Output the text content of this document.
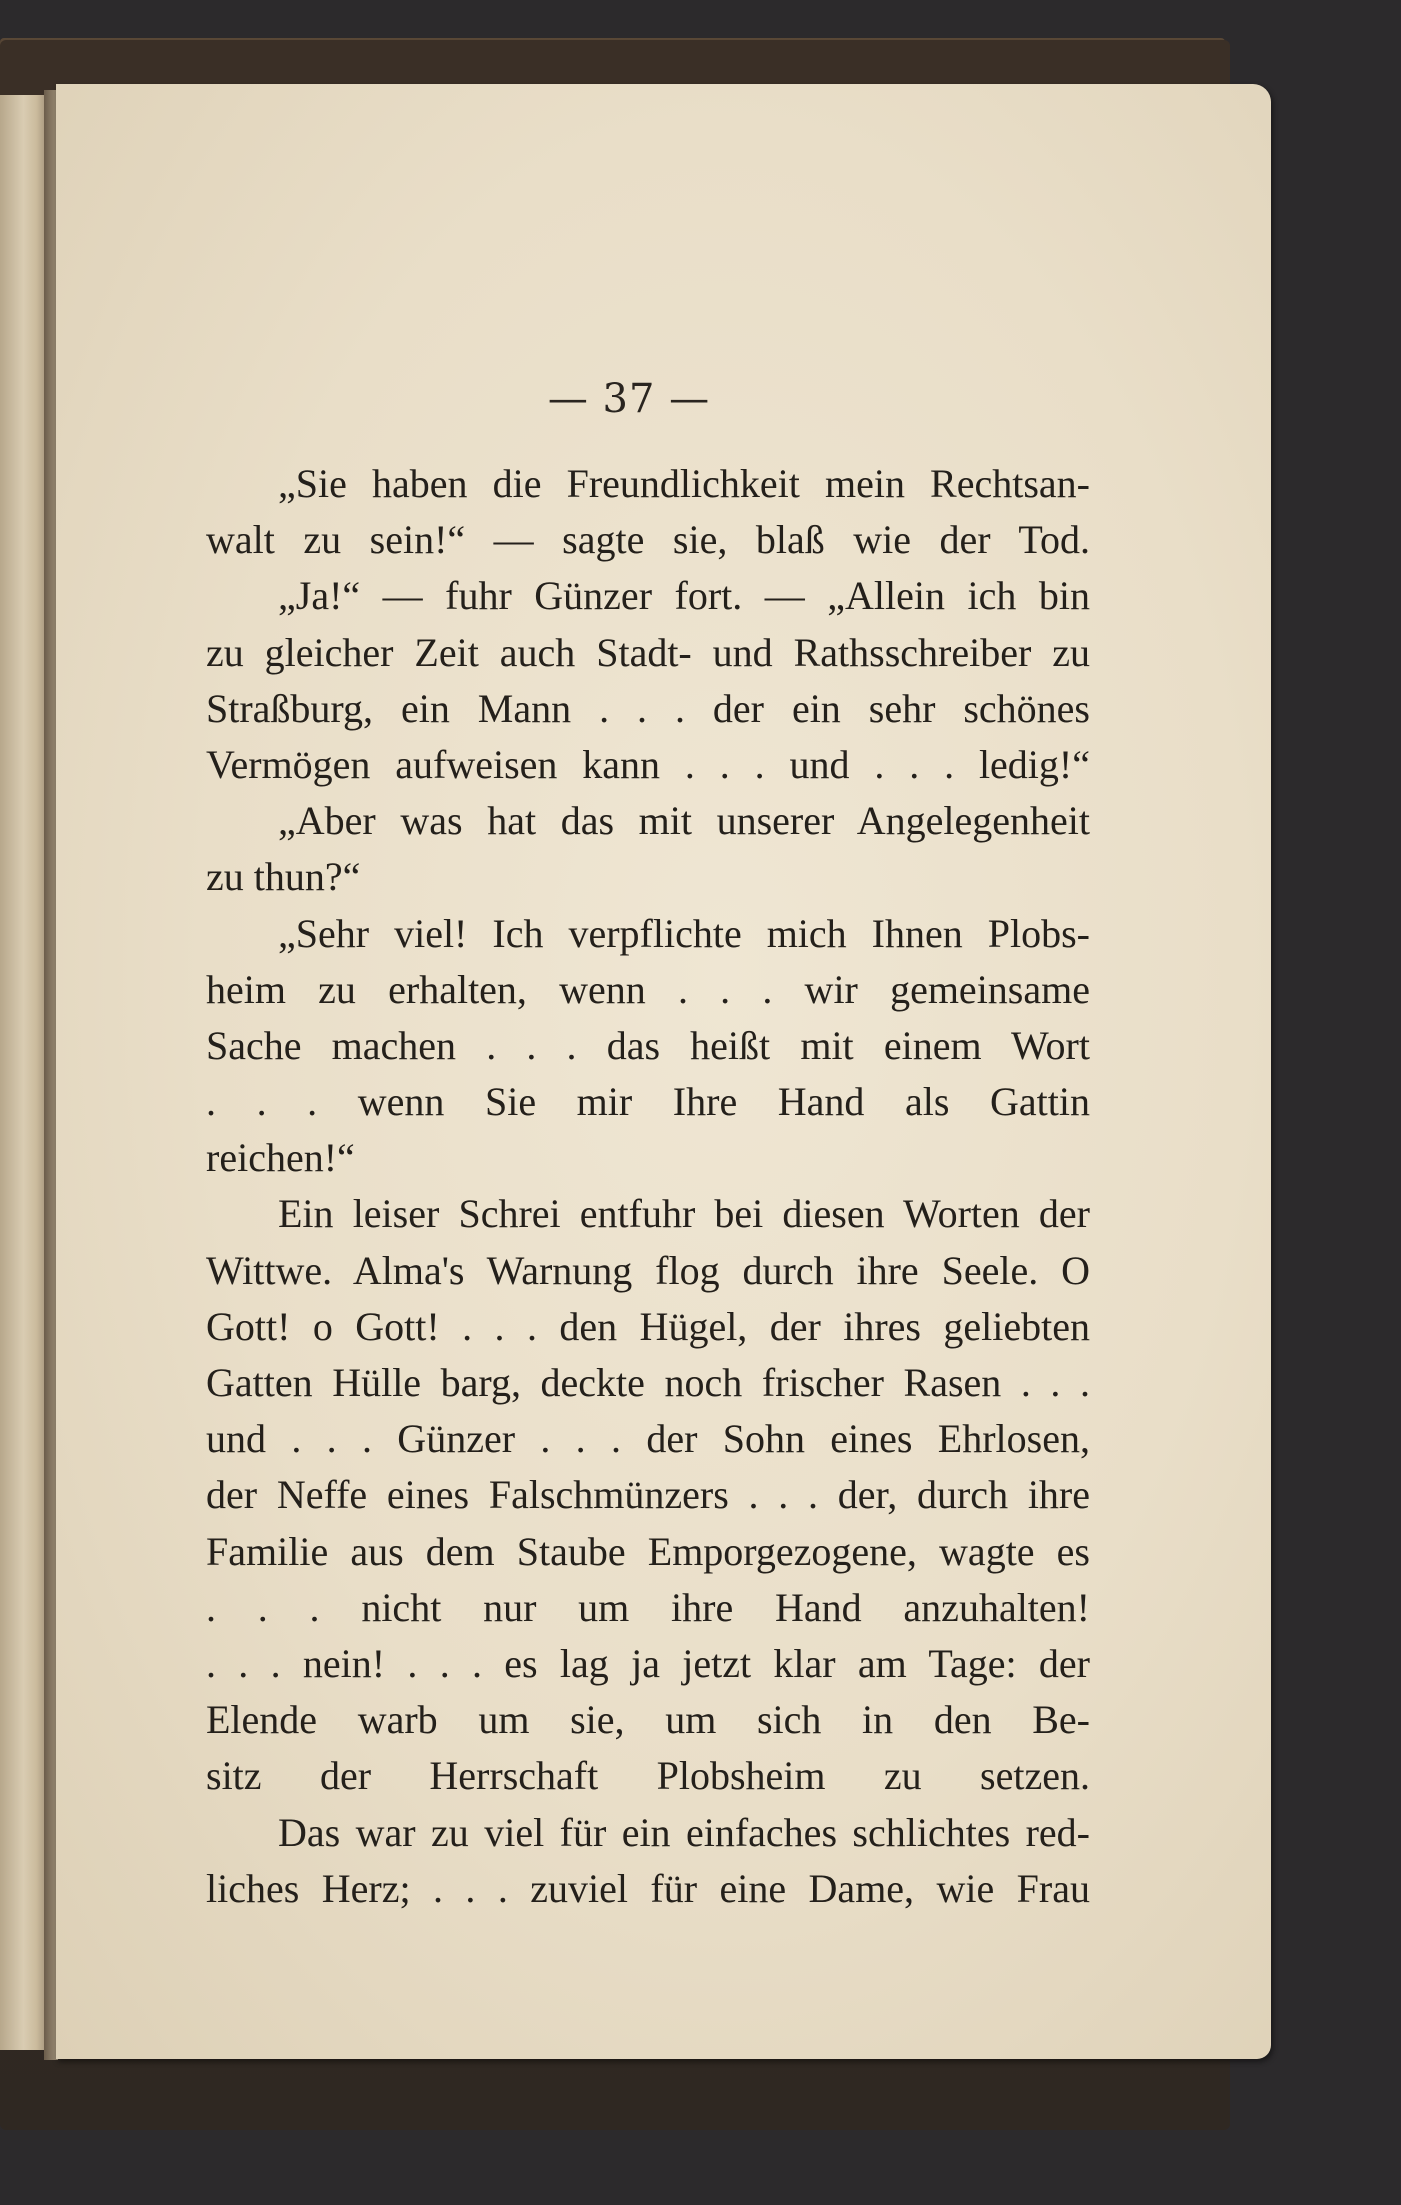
— 37 —
„Sie haben die Freundlichkeit mein Rechtsan-
walt zu sein!“ — sagte sie, blaß wie der Tod.
„Ja!“ — fuhr Günzer fort. — „Allein ich bin
zu gleicher Zeit auch Stadt- und Rathsschreiber zu
Straßburg, ein Mann . . . der ein sehr schönes
Vermögen aufweisen kann . . . und . . . ledig!“
„Aber was hat das mit unserer Angelegenheit
zu thun?“
„Sehr viel! Ich verpflichte mich Ihnen Plobs-
heim zu erhalten, wenn . . . wir gemeinsame
Sache machen . . . das heißt mit einem Wort
. . . wenn Sie mir Ihre Hand als Gattin
reichen!“
Ein leiser Schrei entfuhr bei diesen Worten der
Wittwe. Alma's Warnung flog durch ihre Seele. O
Gott! o Gott! . . . den Hügel, der ihres geliebten
Gatten Hülle barg, deckte noch frischer Rasen . . .
und . . . Günzer . . . der Sohn eines Ehrlosen,
der Neffe eines Falschmünzers . . . der, durch ihre
Familie aus dem Staube Emporgezogene, wagte es
. . . nicht nur um ihre Hand anzuhalten!
. . . nein! . . . es lag ja jetzt klar am Tage: der
Elende warb um sie, um sich in den Be-
sitz der Herrschaft Plobsheim zu setzen.
Das war zu viel für ein einfaches schlichtes red-
liches Herz; . . . zuviel für eine Dame, wie Frau
